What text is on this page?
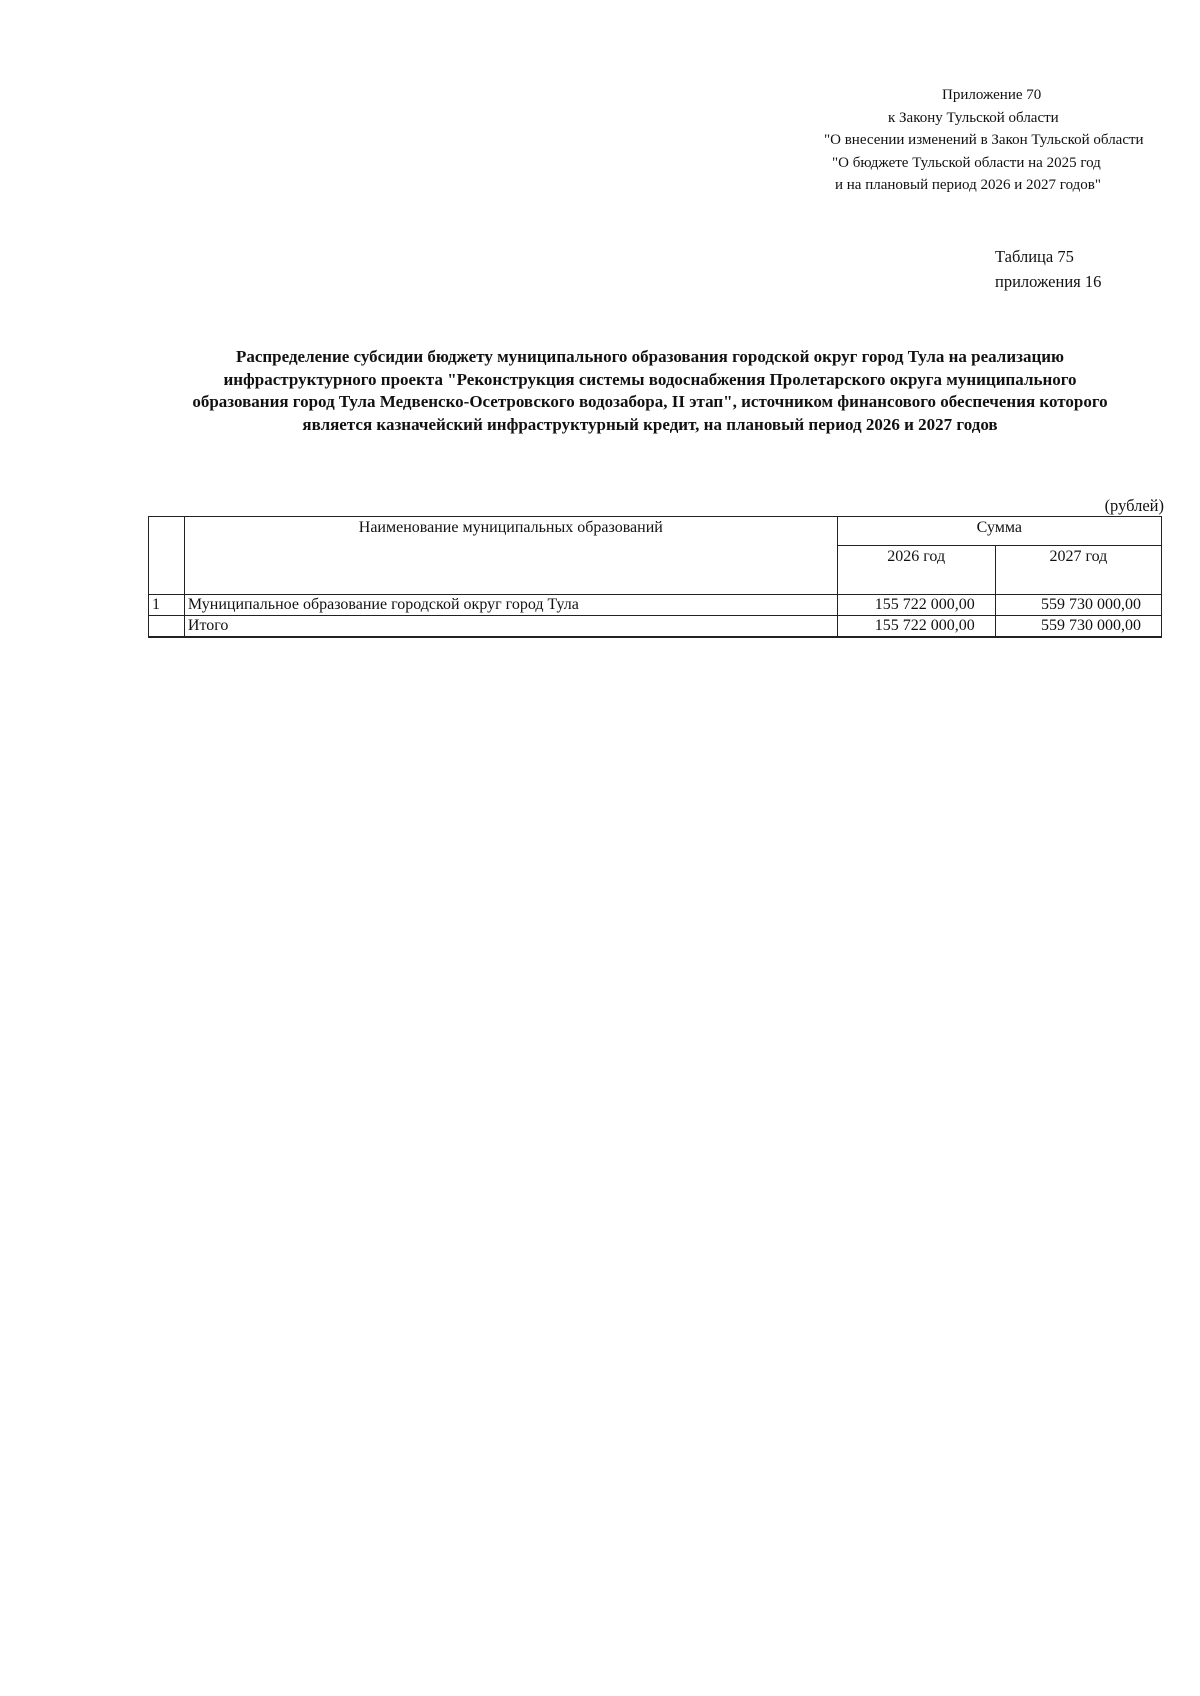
Приложение 70
к Закону Тульской области
"О внесении изменений в Закон Тульской области
"О бюджете Тульской области на 2025 год
и на плановый период 2026 и 2027 годов"
Таблица 75
приложения 16
Распределение субсидии бюджету муниципального образования городской округ город Тула на реализацию
инфраструктурного проекта "Реконструкция системы водоснабжения Пролетарского округа муниципального
образования город Тула Медвенско-Осетровского водозабора, II этап", источником финансового обеспечения которого
является казначейский инфраструктурный кредит, на плановый период 2026 и 2027 годов
(рублей)
	Наименование муниципальных образований	Сумма	
		2026 год	2027 год
1	Муниципальное образование городской округ город Тула	155 722 000,00	559 730 000,00
	Итого	155 722 000,00	559 730 000,00
